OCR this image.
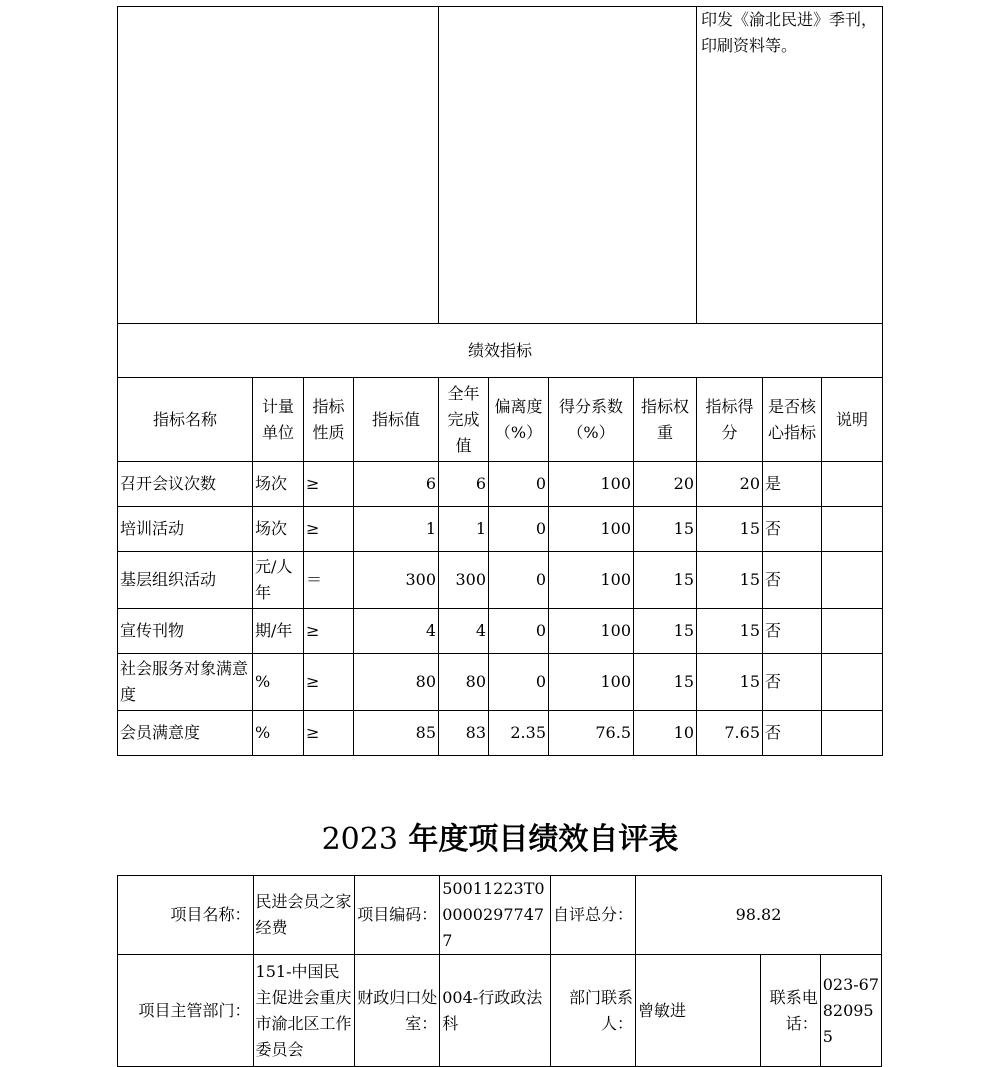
								印发《渝北民进》季刊，印刷资料等。		
绩效指标										
指标名称	计量单位	指标性质	指标值	全年完成值	偏离度（%）	得分系数（%）	指标权重	指标得分	是否核心指标	说明
召开会议次数	场次	≥	6	6	0	100	20	20	是	
培训活动	场次	≥	1	1	0	100	15	15	否	
基层组织活动	元/人年	＝	300	300	0	100	15	15	否	
宣传刊物	期/年	≥	4	4	0	100	15	15	否	
社会服务对象满意度	%	≥	80	80	0	100	15	15	否	
会员满意度	%	≥	85	83	2.35	76.5	10	7.65	否	
2023 年度项目绩效自评表
项目名称：	民进会员之家经费	项目编码：	50011223T000002977477	自评总分：	98.82		
项目主管部门：	151-中国民主促进会重庆市渝北区工作委员会	财政归口处室：	004-行政政法科	部门联系人：	曾敏进	联系电话：	023-67820955
